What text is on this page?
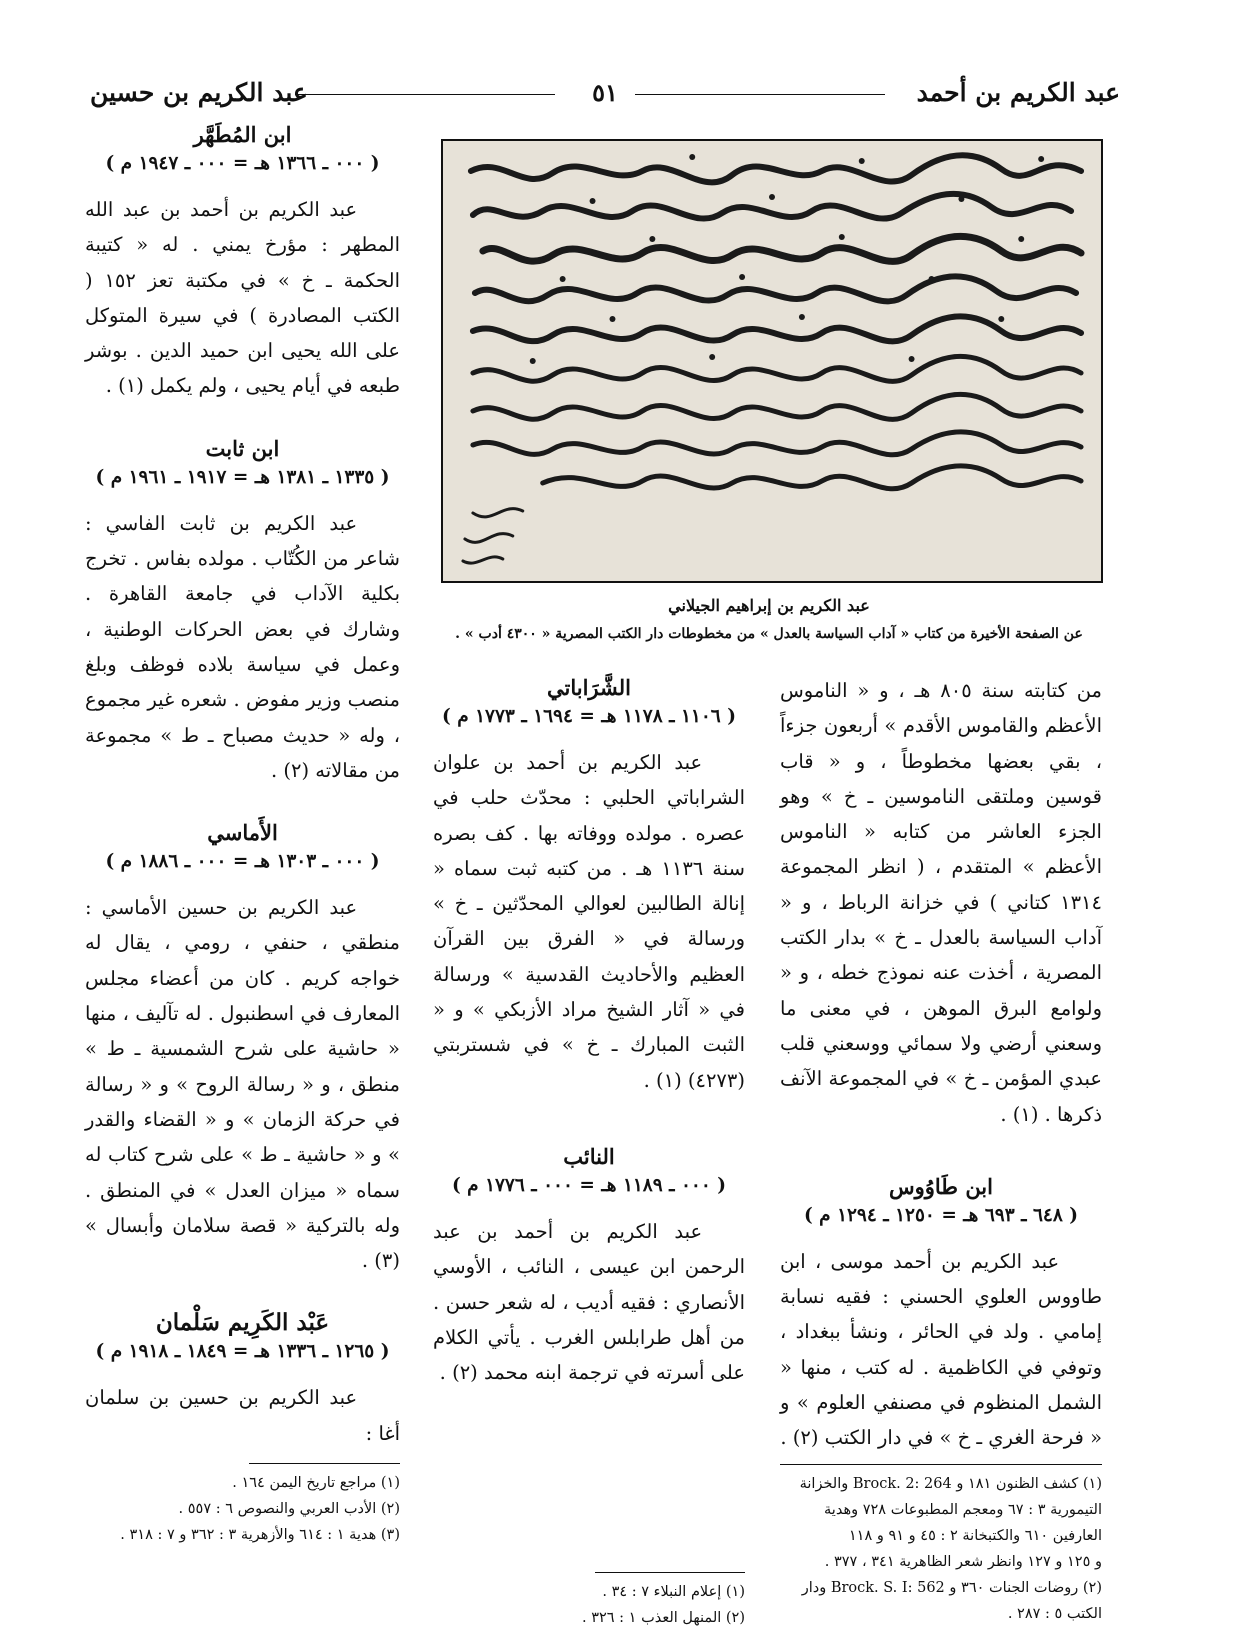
عبد الكريم بن أحمد
٥١
عبد الكريم بن حسين
ابن المُطَهَّر
( ٠٠٠ ـ ١٣٦٦ هـ = ٠٠٠ ـ ١٩٤٧ م )

عبد الكريم بن أحمد بن عبد الله المطهر : مؤرخ يمني . له « كتيبة الحكمة ـ خ » في مكتبة تعز ١٥٢ ( الكتب المصادرة ) في سيرة المتوكل على الله يحيى ابن حميد الدين . بوشر طبعه في أيام يحيى ، ولم يكمل (١) .

ابن ثابت
( ١٣٣٥ ـ ١٣٨١ هـ = ١٩١٧ ـ ١٩٦١ م )

عبد الكريم بن ثابت الفاسي : شاعر من الكُتّاب . مولده بفاس . تخرج بكلية الآداب في جامعة القاهرة . وشارك في بعض الحركات الوطنية ، وعمل في سياسة بلاده فوظف وبلغ منصب وزير مفوض . شعره غير مجموع ، وله « حديث مصباح ـ ط » مجموعة من مقالاته (٢) .

الأَماسي
( ٠٠٠ ـ ١٣٠٣ هـ = ٠٠٠ ـ ١٨٨٦ م )

عبد الكريم بن حسين الأماسي : منطقي ، حنفي ، رومي ، يقال له خواجه كريم . كان من أعضاء مجلس المعارف في اسطنبول . له تآليف ، منها « حاشية على شرح الشمسية ـ ط » منطق ، و « رسالة الروح » و « رسالة في حركة الزمان » و « القضاء والقدر » و « حاشية ـ ط » على شرح كتاب له سماه « ميزان العدل » في المنطق . وله بالتركية « قصة سلامان وأبسال » (٣) .

عَبْد الكَرِيم سَلْمان
( ١٢٦٥ ـ ١٣٣٦ هـ = ١٨٤٩ ـ ١٩١٨ م )

عبد الكريم بن حسين بن سلمان أغا :

(١) مراجع تاريخ اليمن ١٦٤ .
(٢) الأدب العربي والنصوص ٦ : ٥٥٧ .
(٣) هدية ١ : ٦١٤ والأزهرية ٣ : ٣٦٢ و ٧ : ٣١٨ .
عبد الكريم بن إبراهيم الجيلاني
عن الصفحة الأخيرة من كتاب « آداب السياسة بالعدل » من مخطوطات دار الكتب المصرية « ٤٣٠٠ أدب » .
الشَّرَاباتي
( ١١٠٦ ـ ١١٧٨ هـ = ١٦٩٤ ـ ١٧٧٣ م )

عبد الكريم بن أحمد بن علوان الشراباتي الحلبي : محدّث حلب في عصره . مولده ووفاته بها . كف بصره سنة ١١٣٦ هـ . من كتبه ثبت سماه « إنالة الطالبين لعوالي المحدّثين ـ خ » ورسالة في « الفرق بين القرآن العظيم والأحاديث القدسية » ورسالة في « آثار الشيخ مراد الأزبكي » و « الثبت المبارك ـ خ » في شستربتي (٤٢٧٣) (١) .

النائب
( ٠٠٠ ـ ١١٨٩ هـ = ٠٠٠ ـ ١٧٧٦ م )

عبد الكريم بن أحمد بن عبد الرحمن ابن عيسى ، النائب ، الأوسي الأنصاري : فقيه أديب ، له شعر حسن . من أهل طرابلس الغرب . يأتي الكلام على أسرته في ترجمة ابنه محمد (٢) .

(١) إعلام النبلاء ٧ : ٣٤ .
(٢) المنهل العذب ١ : ٣٢٦ .

من كتابته سنة ٨٠٥ هـ ، و « الناموس الأعظم والقاموس الأقدم » أربعون جزءاً ، بقي بعضها مخطوطاً ، و « قاب قوسين وملتقى الناموسين ـ خ » وهو الجزء العاشر من كتابه « الناموس الأعظم » المتقدم ، ( انظر المجموعة ١٣١٤ كتاني ) في خزانة الرباط ، و « آداب السياسة بالعدل ـ خ » بدار الكتب المصرية ، أخذت عنه نموذج خطه ، و « ولوامع البرق الموهن ، في معنى ما وسعني أرضي ولا سمائي ووسعني قلب عبدي المؤمن ـ خ » في المجموعة الآنف ذكرها . (١) .

ابن طَاوُوس
( ٦٤٨ ـ ٦٩٣ هـ = ١٢٥٠ ـ ١٢٩٤ م )

عبد الكريم بن أحمد موسى ، ابن طاووس العلوي الحسني : فقيه نسابة إمامي . ولد في الحائر ، ونشأ ببغداد ، وتوفي في الكاظمية . له كتب ، منها « الشمل المنظوم في مصنفي العلوم » و « فرحة الغري ـ خ » في دار الكتب (٢) .

(١) كشف الظنون ١٨١ و Brock. 2: 264 والخزانة
التيمورية ٣ : ٦٧ ومعجم المطبوعات ٧٢٨ وهدية
العارفين ٦١٠ والكتبخانة ٢ : ٤٥ و ٩١ و ١١٨
و ١٢٥ و ١٢٧ وانظر شعر الظاهرية ٣٤١ ، ٣٧٧ .
(٢) روضات الجنات ٣٦٠ و Brock. S. I: 562 ودار
الكتب ٥ : ٢٨٧ .
